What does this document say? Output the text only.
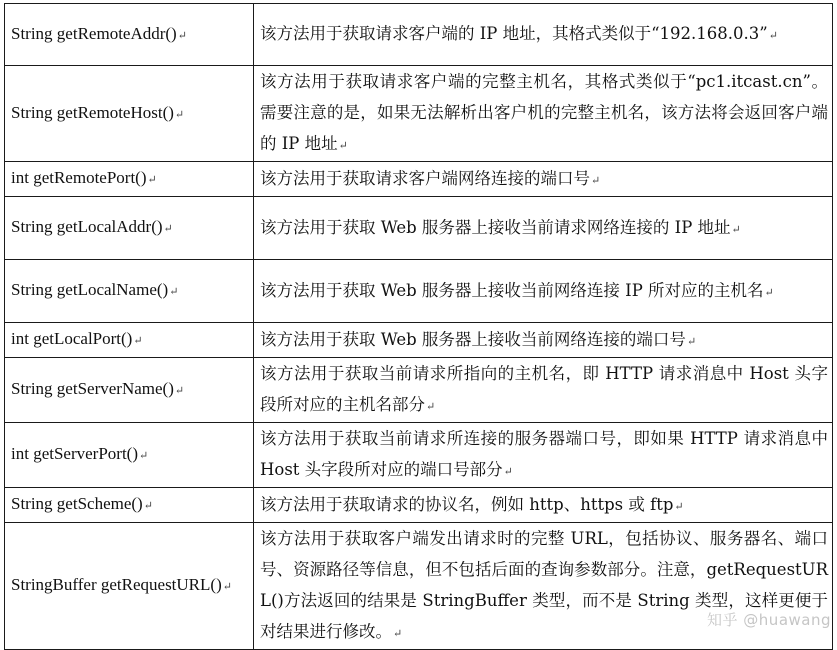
String getRemoteAddr()↵	该方法用于获取请求客户端的 IP 地址，其格式类似于“192.168.0.3”↵
String getRemoteHost()↵	该方法用于获取请求客户端的完整主机名，其格式类似于“pc1.itcast.cn”。需要注意的是，如果无法解析出客户机的完整主机名，该方法将会返回客户端的 IP 地址↵
int getRemotePort()↵	该方法用于获取请求客户端网络连接的端口号↵
String getLocalAddr()↵	该方法用于获取 Web 服务器上接收当前请求网络连接的 IP 地址↵
String getLocalName()↵	该方法用于获取 Web 服务器上接收当前网络连接 IP 所对应的主机名↵
int getLocalPort()↵	该方法用于获取 Web 服务器上接收当前网络连接的端口号↵
String getServerName()↵	该方法用于获取当前请求所指向的主机名，即 HTTP 请求消息中 Host 头字段所对应的主机名部分↵
int getServerPort()↵	该方法用于获取当前请求所连接的服务器端口号，即如果 HTTP 请求消息中 Host 头字段所对应的端口号部分↵
String getScheme()↵	该方法用于获取请求的协议名，例如 http、https 或 ftp↵
StringBuffer getRequestURL()↵	该方法用于获取客户端发出请求时的完整 URL，包括协议、服务器名、端口号、资源路径等信息，但不包括后面的查询参数部分。注意，getRequestURL()方法返回的结果是 StringBuffer 类型，而不是 String 类型，这样更便于对结果进行修改。↵
知乎 @huawang
